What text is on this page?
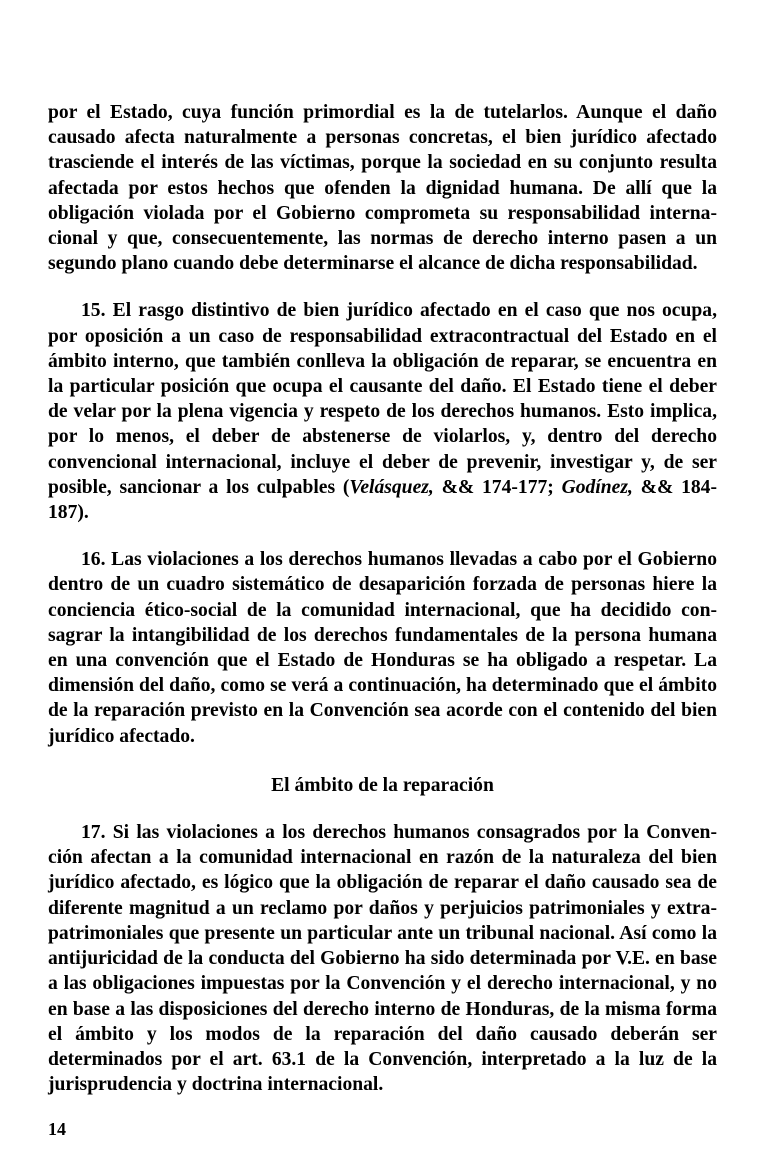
por el Estado, cuya función primordial es la de tutelarlos. Aunque el daño causado afecta naturalmente a personas concretas, el bien jurídico afectado trasciende el interés de las víctimas, porque la sociedad en su conjunto resulta afectada por estos hechos que ofenden la dignidad humana. De allí que la obligación violada por el Gobierno comprometa su responsabilidad internacional y que, consecuentemente, las normas de derecho interno pasen a un segundo plano cuando debe determinarse el alcance de dicha responsabilidad.

15. El rasgo distintivo de bien jurídico afectado en el caso que nos ocupa, por oposición a un caso de responsabilidad extracontractual del Estado en el ámbito interno, que también conlleva la obligación de reparar, se encuentra en la particular posición que ocupa el causante del daño. El Estado tiene el deber de velar por la plena vigencia y respeto de los derechos humanos. Esto implica, por lo menos, el deber de abstenerse de violarlos, y, dentro del derecho convencional internacional, incluye el deber de prevenir, investigar y, de ser posible, sancionar a los culpables (Velásquez, && 174-177; Godínez, && 184-187).

16. Las violaciones a los derechos humanos llevadas a cabo por el Gobierno dentro de un cuadro sistemático de desaparición forzada de personas hiere la conciencia ético-social de la comunidad internacional, que ha decidido consagrar la intangibilidad de los derechos fundamentales de la persona humana en una convención que el Estado de Honduras se ha obligado a respetar. La dimensión del daño, como se verá a continuación, ha determinado que el ámbito de la reparación previsto en la Convención sea acorde con el contenido del bien jurídico afectado.

El ámbito de la reparación

17. Si las violaciones a los derechos humanos consagrados por la Convención afectan a la comunidad internacional en razón de la naturaleza del bien jurídico afectado, es lógico que la obligación de reparar el daño causado sea de diferente magnitud a un reclamo por daños y perjuicios patrimoniales y extra-patrimoniales que presente un particular ante un tribunal nacional. Así como la antijuricidad de la conducta del Gobierno ha sido determinada por V.E. en base a las obligaciones impuestas por la Convención y el derecho internacional, y no en base a las disposiciones del derecho interno de Honduras, de la misma forma el ámbito y los modos de la reparación del daño causado deberán ser determinados por el art. 63.1 de la Convención, interpretado a la luz de la jurisprudencia y doctrina internacional.

14
